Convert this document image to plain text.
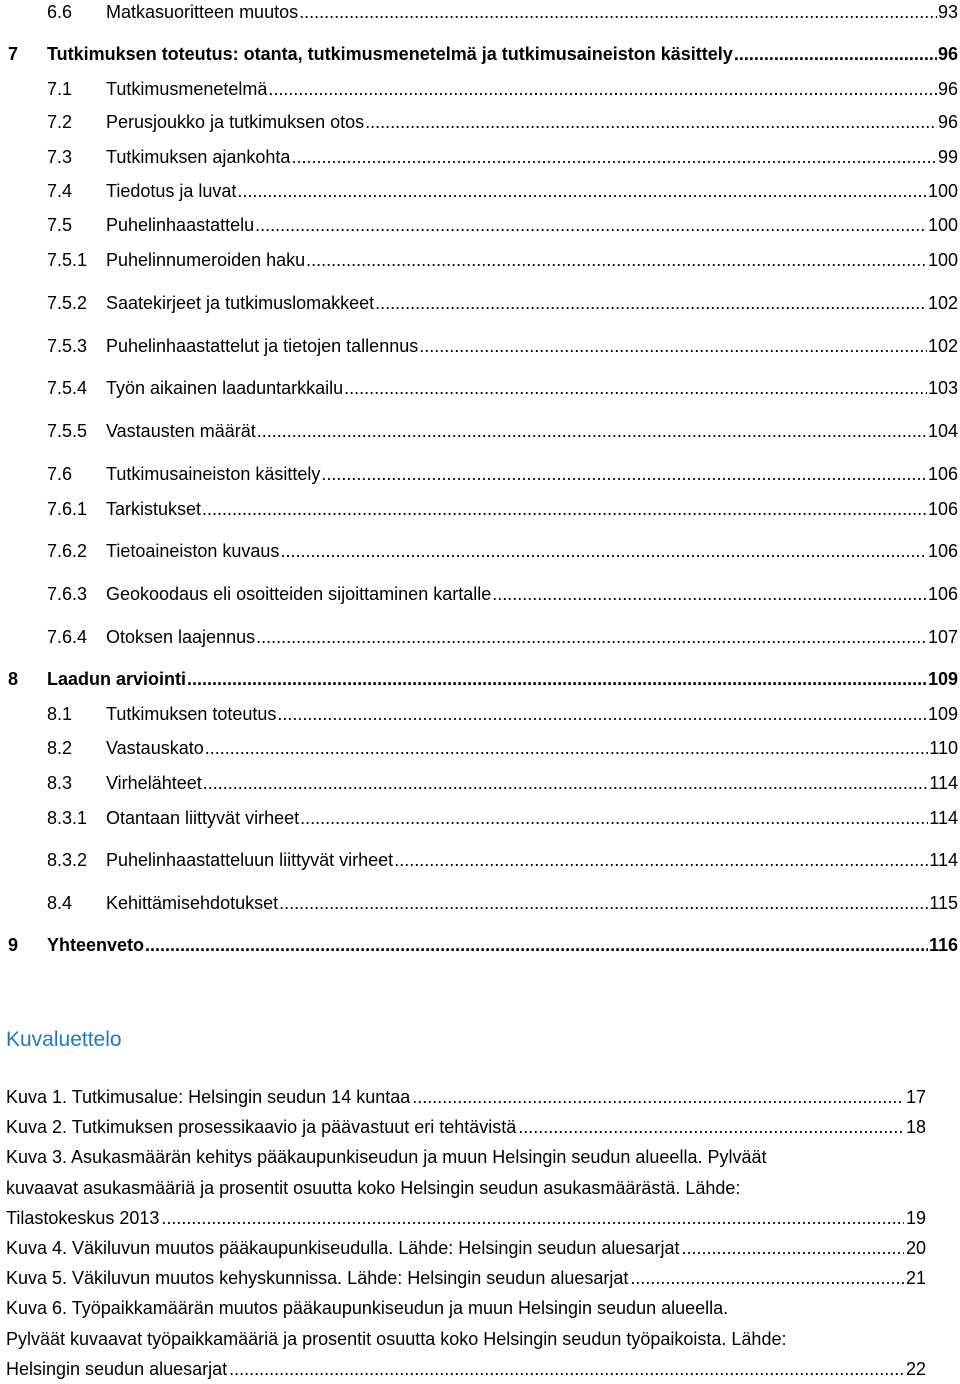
6.6 Matkasuoritteen muutos .....	93
7 Tutkimuksen toteutus: otanta, tutkimusmenetelmä ja tutkimusaineiston käsittely .....	96
7.1 Tutkimusmenetelmä .....	96
7.2 Perusjoukko ja tutkimuksen otos .....	96
7.3 Tutkimuksen ajankohta .....	99
7.4 Tiedotus ja luvat .....	100
7.5 Puhelinhaastattelu .....	100
7.5.1 Puhelinnumeroiden haku .....	100
7.5.2 Saatekirjeet ja tutkimuslomakkeet .....	102
7.5.3 Puhelinhaastattelut ja tietojen tallennus .....	102
7.5.4 Työn aikainen laaduntarkkailu .....	103
7.5.5 Vastausten määrät .....	104
7.6 Tutkimusaineiston käsittely .....	106
7.6.1 Tarkistukset .....	106
7.6.2 Tietoaineiston kuvaus .....	106
7.6.3 Geokoodaus eli osoitteiden sijoittaminen kartalle .....	106
7.6.4 Otoksen laajennus .....	107
8 Laadun arviointi .....	109
8.1 Tutkimuksen toteutus .....	109
8.2 Vastauskato .....	110
8.3 Virhelähteet .....	114
8.3.1 Otantaan liittyvät virheet .....	114
8.3.2 Puhelinhaastatteluun liittyvät virheet .....	114
8.4 Kehittämisehdotukset .....	115
9 Yhteenveto .....	116
Kuvaluettelo
Kuva 1. Tutkimusalue: Helsingin seudun 14 kuntaa .....	17
Kuva 2. Tutkimuksen prosessikaavio ja päävastuut eri tehtävistä .....	18
Kuva 3. Asukasmäärän kehitys pääkaupunkiseudun ja muun Helsingin seudun alueella. Pylväät
kuvaavat asukasmääriä ja prosentit osuutta koko Helsingin seudun asukasmäärästä. Lähde:
Tilastokeskus 2013 .....	19
Kuva 4. Väkiluvun muutos pääkaupunkiseudulla. Lähde: Helsingin seudun aluesarjat .....	20
Kuva 5. Väkiluvun muutos kehyskunnissa. Lähde: Helsingin seudun aluesarjat .....	21
Kuva 6. Työpaikkamäärän muutos pääkaupunkiseudun ja muun Helsingin seudun alueella.
Pylväät kuvaavat työpaikkamääriä ja prosentit osuutta koko Helsingin seudun työpaikoista. Lähde:
Helsingin seudun aluesarjat .....	22
